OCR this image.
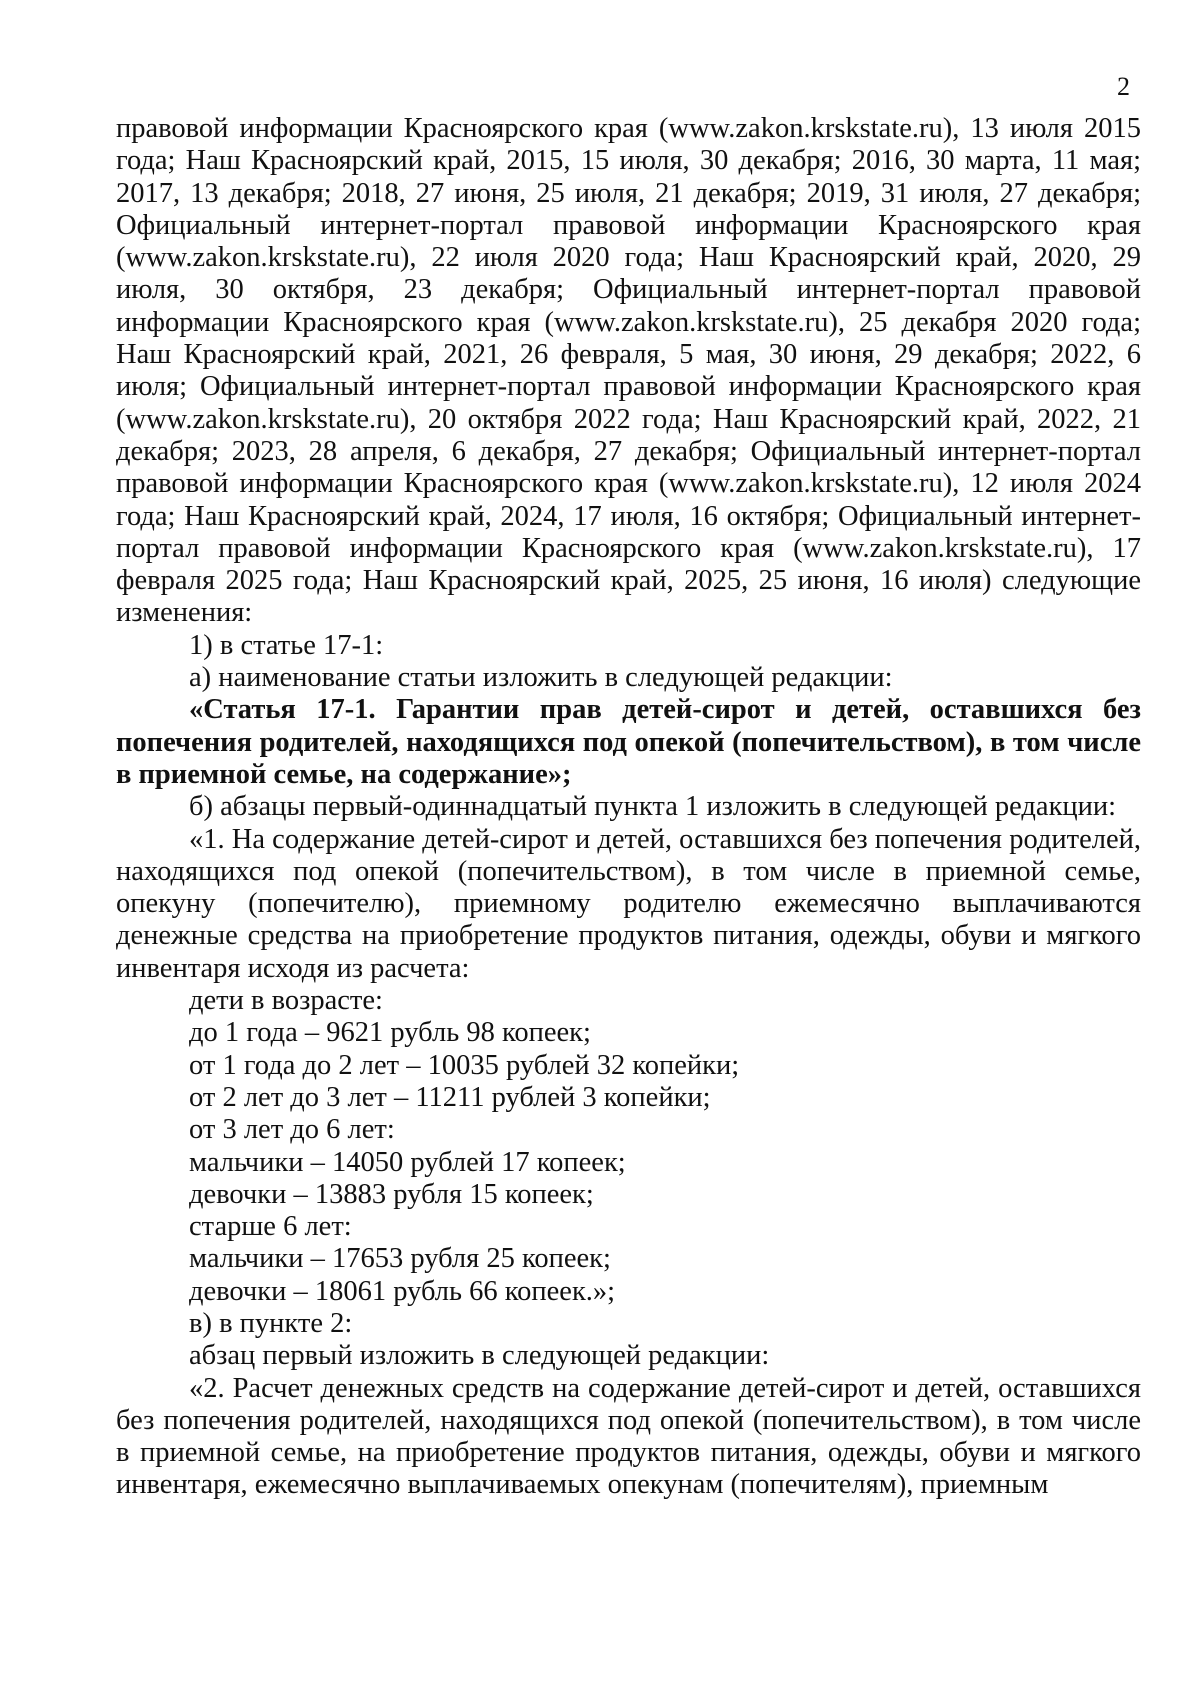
2

правовой информации Красноярского края (www.zakon.krskstate.ru), 13 июля 2015 года; Наш Красноярский край, 2015, 15 июля, 30 декабря; 2016, 30 марта, 11 мая; 2017, 13 декабря; 2018, 27 июня, 25 июля, 21 декабря; 2019, 31 июля, 27 декабря; Официальный интернет-портал правовой информации Красноярского края (www.zakon.krskstate.ru), 22 июля 2020 года; Наш Красноярский край, 2020, 29 июля, 30 октября, 23 декабря; Официальный интернет-портал правовой информации Красноярского края (www.zakon.krskstate.ru), 25 декабря 2020 года; Наш Красноярский край, 2021, 26 февраля, 5 мая, 30 июня, 29 декабря; 2022, 6 июля; Официальный интернет-портал правовой информации Красноярского края (www.zakon.krskstate.ru), 20 октября 2022 года; Наш Красноярский край, 2022, 21 декабря; 2023, 28 апреля, 6 декабря, 27 декабря; Официальный интернет-портал правовой информации Красноярского края (www.zakon.krskstate.ru), 12 июля 2024 года; Наш Красноярский край, 2024, 17 июля, 16 октября; Официальный интернет-портал правовой информации Красноярского края (www.zakon.krskstate.ru), 17 февраля 2025 года; Наш Красноярский край, 2025, 25 июня, 16 июля) следующие изменения:

1) в статье 17-1:

а) наименование статьи изложить в следующей редакции:

«Статья 17-1. Гарантии прав детей-сирот и детей, оставшихся без попечения родителей, находящихся под опекой (попечительством), в том числе в приемной семье, на содержание»;

б) абзацы первый-одиннадцатый пункта 1 изложить в следующей редакции:

«1. На содержание детей-сирот и детей, оставшихся без попечения родителей, находящихся под опекой (попечительством), в том числе в приемной семье, опекуну (попечителю), приемному родителю ежемесячно выплачиваются денежные средства на приобретение продуктов питания, одежды, обуви и мягкого инвентаря исходя из расчета:

дети в возрасте:

до 1 года – 9621 рубль 98 копеек;

от 1 года до 2 лет – 10035 рублей 32 копейки;

от 2 лет до 3 лет – 11211 рублей 3 копейки;

от 3 лет до 6 лет:

мальчики – 14050 рублей 17 копеек;

девочки – 13883 рубля 15 копеек;

старше 6 лет:

мальчики – 17653 рубля 25 копеек;

девочки – 18061 рубль 66 копеек.»;

в) в пункте 2:

абзац первый изложить в следующей редакции:

«2. Расчет денежных средств на содержание детей-сирот и детей, оставшихся без попечения родителей, находящихся под опекой (попечительством), в том числе в приемной семье, на приобретение продуктов питания, одежды, обуви и мягкого инвентаря, ежемесячно выплачиваемых опекунам (попечителям), приемным
